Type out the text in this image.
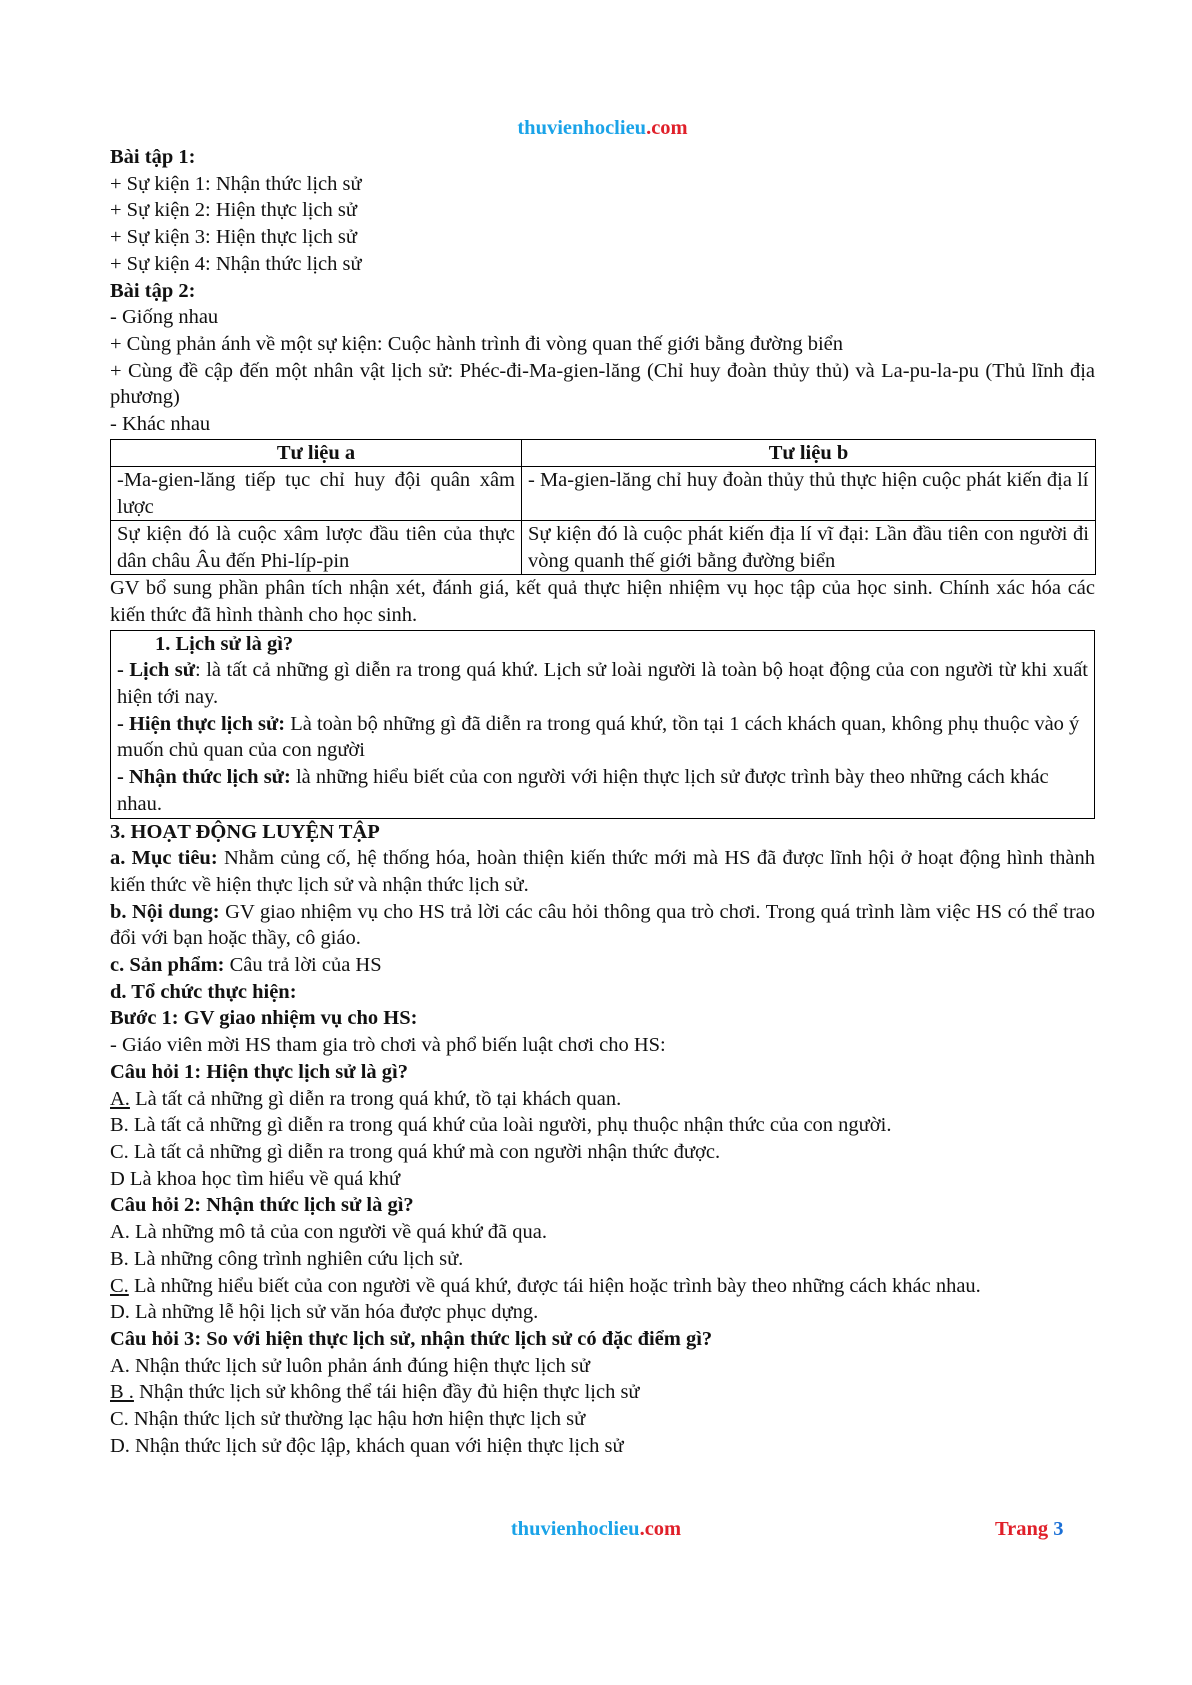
thuvienhoclieu.com

Bài tập 1:

+ Sự kiện 1: Nhận thức lịch sử

+ Sự kiện 2: Hiện thực lịch sử

+ Sự kiện 3: Hiện thực lịch sử

+ Sự kiện 4: Nhận thức lịch sử

Bài tập 2:

- Giống nhau

+ Cùng phản ánh về một sự kiện: Cuộc hành trình đi vòng quan thế giới bằng đường biển

+ Cùng đề cập đến một nhân vật lịch sử: Phéc-đi-Ma-gien-lăng (Chỉ huy đoàn thủy thủ) và La-pu-la-pu (Thủ lĩnh địa phương)

- Khác nhau

Tư liệu a	Tư liệu b
-Ma-gien-lăng tiếp tục chỉ huy đội quân xâm lược	- Ma-gien-lăng chỉ huy đoàn thủy thủ thực hiện cuộc phát kiến địa lí
Sự kiện đó là cuộc xâm lược đầu tiên của thực dân châu Âu đến Phi-líp-pin	Sự kiện đó là cuộc phát kiến địa lí vĩ đại: Lần đầu tiên con người đi vòng quanh thế giới bằng đường biển

GV bổ sung phần phân tích nhận xét, đánh giá, kết quả thực hiện nhiệm vụ học tập của học sinh. Chính xác hóa các kiến thức đã hình thành cho học sinh.

1. Lịch sử là gì?

- Lịch sử: là tất cả những gì diễn ra trong quá khứ. Lịch sử loài người là toàn bộ hoạt động của con người từ khi xuất hiện tới nay.

- Hiện thực lịch sử: Là toàn bộ những gì đã diễn ra trong quá khứ, tồn tại 1 cách khách quan, không phụ thuộc vào ý muốn chủ quan của con người

- Nhận thức lịch sử: là những hiểu biết của con người với hiện thực lịch sử được trình bày theo những cách khác nhau.

3. HOẠT ĐỘNG LUYỆN TẬP

a. Mục tiêu: Nhằm củng cố, hệ thống hóa, hoàn thiện kiến thức mới mà HS đã được lĩnh hội ở hoạt động hình thành kiến thức về hiện thực lịch sử và nhận thức lịch sử.

b. Nội dung: GV giao nhiệm vụ cho HS trả lời các câu hỏi thông qua trò chơi. Trong quá trình làm việc HS có thể trao đổi với bạn hoặc thầy, cô giáo.

c. Sản phẩm: Câu trả lời của HS

d. Tổ chức thực hiện:

Bước 1: GV giao nhiệm vụ cho HS:

- Giáo viên mời HS tham gia trò chơi và phổ biến luật chơi cho HS:

Câu hỏi 1: Hiện thực lịch sử là gì?

A. Là tất cả những gì diễn ra trong quá khứ, tồ tại khách quan.

B. Là tất cả những gì diễn ra trong quá khứ của loài người, phụ thuộc nhận thức của con người.

C. Là tất cả những gì diễn ra trong quá khứ mà con người nhận thức được.

D Là khoa học tìm hiểu về quá khứ

Câu hỏi 2: Nhận thức lịch sử là gì?

A. Là những mô tả của con người về quá khứ đã qua.

B. Là những công trình nghiên cứu lịch sử.

C. Là những hiểu biết của con người về quá khứ, được tái hiện hoặc trình bày theo những cách khác nhau.

D. Là những lễ hội lịch sử văn hóa được phục dựng.

Câu hỏi 3: So với hiện thực lịch sử, nhận thức lịch sử có đặc điểm gì?

A. Nhận thức lịch sử luôn phản ánh đúng hiện thực lịch sử

B . Nhận thức lịch sử không thể tái hiện đầy đủ hiện thực lịch sử

C. Nhận thức lịch sử thường lạc hậu hơn hiện thực lịch sử

D. Nhận thức lịch sử độc lập, khách quan với hiện thực lịch sử

thuvienhoclieu.com	Trang 3
